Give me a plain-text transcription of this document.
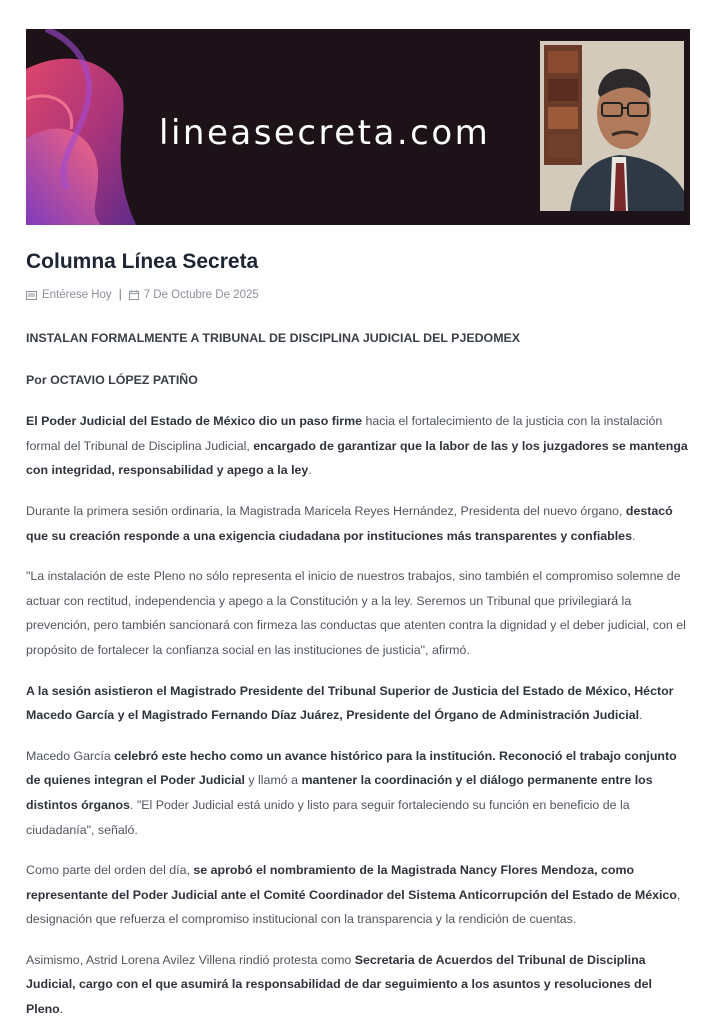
lineasecreta.com
Columna Línea Secreta
Entérese Hoy | 7 De Octubre De 2025

INSTALAN FORMALMENTE A TRIBUNAL DE DISCIPLINA JUDICIAL DEL PJEDOMEX

Por OCTAVIO LÓPEZ PATIÑO

El Poder Judicial del Estado de México dio un paso firme hacia el fortalecimiento de la justicia con la instalación formal del Tribunal de Disciplina Judicial, encargado de garantizar que la labor de las y los juzgadores se mantenga con integridad, responsabilidad y apego a la ley.

Durante la primera sesión ordinaria, la Magistrada Maricela Reyes Hernández, Presidenta del nuevo órgano, destacó que su creación responde a una exigencia ciudadana por instituciones más transparentes y confiables.

"La instalación de este Pleno no sólo representa el inicio de nuestros trabajos, sino también el compromiso solemne de actuar con rectitud, independencia y apego a la Constitución y a la ley. Seremos un Tribunal que privilegiará la prevención, pero también sancionará con firmeza las conductas que atenten contra la dignidad y el deber judicial, con el propósito de fortalecer la confianza social en las instituciones de justicia", afirmó.

A la sesión asistieron el Magistrado Presidente del Tribunal Superior de Justicia del Estado de México, Héctor Macedo García y el Magistrado Fernando Díaz Juárez, Presidente del Órgano de Administración Judicial.

Macedo García celebró este hecho como un avance histórico para la institución. Reconoció el trabajo conjunto de quienes integran el Poder Judicial y llamó a mantener la coordinación y el diálogo permanente entre los distintos órganos. "El Poder Judicial está unido y listo para seguir fortaleciendo su función en beneficio de la ciudadanía", señaló.

Como parte del orden del día, se aprobó el nombramiento de la Magistrada Nancy Flores Mendoza, como representante del Poder Judicial ante el Comité Coordinador del Sistema Anticorrupción del Estado de México, designación que refuerza el compromiso institucional con la transparencia y la rendición de cuentas.

Asimismo, Astrid Lorena Avilez Villena rindió protesta como Secretaria de Acuerdos del Tribunal de Disciplina Judicial, cargo con el que asumirá la responsabilidad de dar seguimiento a los asuntos y resoluciones del Pleno.
